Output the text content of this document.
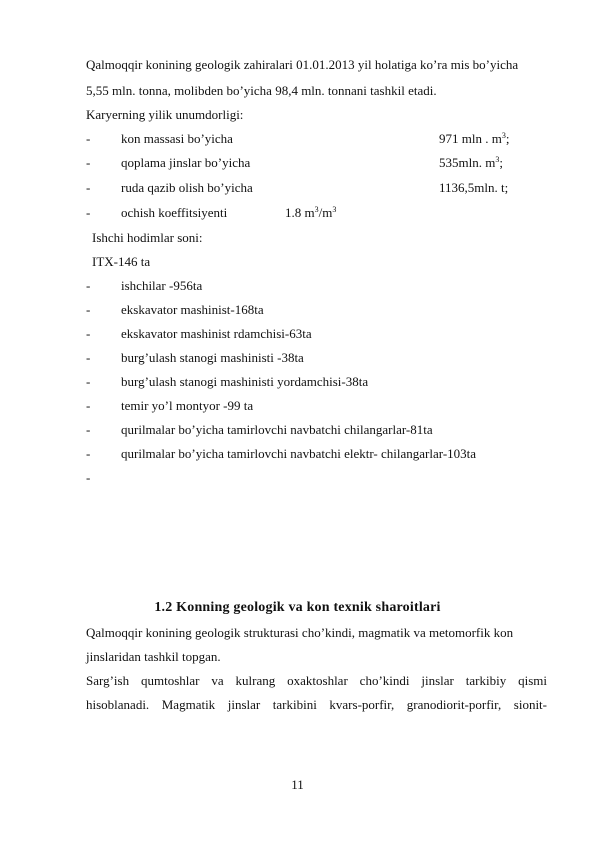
Qalmoqqir konining geologik zahiralari 01.01.2013 yil holatiga ko’ra mis bo’yicha
5,55 mln. tonna, molibden bo’yicha 98,4 mln. tonnani tashkil etadi.
Karyerning yilik unumdorligi:
- kon massasi bo’yicha	971 mln . $m^3$;
- qoplama jinslar bo’yicha	535mln. $m^3$;
- ruda qazib olish bo’yicha	1136,5mln. t;
- ochish koeffitsiyenti	1.8 $m^3/m^3$
Ishchi hodimlar soni:
ITX-146 ta
- ishchilar -956ta
- ekskavator mashinist-168ta
- ekskavator mashinist rdamchisi-63ta
- burg’ulash stanogi mashinisti -38ta
- burg’ulash stanogi mashinisti yordamchisi-38ta
- temir yo’l montyor -99 ta
- qurilmalar bo’yicha tamirlovchi navbatchi chilangarlar-81ta
- qurilmalar bo’yicha tamirlovchi navbatchi elektr- chilangarlar-103ta
-
1.2 Konning geologik va kon texnik sharoitlari
Qalmoqqir konining geologik strukturasi cho’kindi, magmatik va metomorfik kon
jinslaridan tashkil topgan.
Sarg’ish qumtoshlar va kulrang oxaktoshlar cho’kindi jinslar tarkibiy qismi
hisoblanadi. Magmatik jinslar tarkibini kvars-porfir, granodiorit-porfir, sionit-
11
